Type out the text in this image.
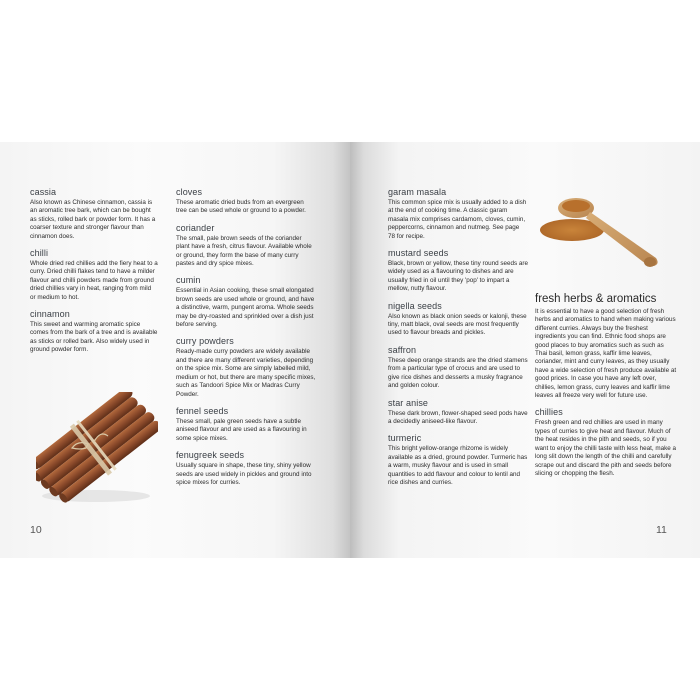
cassia
Also known as Chinese cinnamon, cassia is an aromatic tree bark, which can be bought as sticks, rolled bark or powder form. It has a coarser texture and stronger flavour than cinnamon does.
chilli
Whole dried red chillies add the fiery heat to a curry. Dried chilli flakes tend to have a milder flavour and chilli powders made from ground dried chillies vary in heat, ranging from mild or medium to hot.
cinnamon
This sweet and warming aromatic spice comes from the bark of a tree and is available as sticks or rolled bark. Also widely used in ground powder form.
cloves
These aromatic dried buds from an evergreen tree can be used whole or ground to a powder.
coriander
The small, pale brown seeds of the coriander plant have a fresh, citrus flavour. Available whole or ground, they form the base of many curry pastes and dry spice mixes.
cumin
Essential in Asian cooking, these small elongated brown seeds are used whole or ground, and have a distinctive, warm, pungent aroma. Whole seeds may be dry-roasted and sprinkled over a dish just before serving.
curry powders
Ready-made curry powders are widely available and there are many different varieties, depending on the spice mix. Some are simply labelled mild, medium or hot, but there are many specific mixes, such as Tandoori Spice Mix or Madras Curry Powder.
fennel seeds
These small, pale green seeds have a subtle aniseed flavour and are used as a flavouring in some spice mixes.
fenugreek seeds
Usually square in shape, these tiny, shiny yellow seeds are used widely in pickles and ground into spice mixes for curries.
10
garam masala
This common spice mix is usually added to a dish at the end of cooking time. A classic garam masala mix comprises cardamom, cloves, cumin, peppercorns, cinnamon and nutmeg. See page 78 for recipe.
mustard seeds
Black, brown or yellow, these tiny round seeds are widely used as a flavouring to dishes and are usually fried in oil until they 'pop' to impart a mellow, nutty flavour.
nigella seeds
Also known as black onion seeds or kalonji, these tiny, matt black, oval seeds are most frequently used to flavour breads and pickles.
saffron
These deep orange strands are the dried stamens from a particular type of crocus and are used to give rice dishes and desserts a musky fragrance and golden colour.
star anise
These dark brown, flower-shaped seed pods have a decidedly aniseed-like flavour.
turmeric
This bright yellow-orange rhizome is widely available as a dried, ground powder. Turmeric has a warm, musky flavour and is used in small quantities to add flavour and colour to lentil and rice dishes and curries.
fresh herbs & aromatics
It is essential to have a good selection of fresh herbs and aromatics to hand when making various different curries. Always buy the freshest ingredients you can find. Ethnic food shops are good places to buy aromatics such as such as Thai basil, lemon grass, kaffir lime leaves, coriander, mint and curry leaves, as they usually have a wide selection of fresh produce available at good prices. In case you have any left over, chillies, lemon grass, curry leaves and kaffir lime leaves all freeze very well for future use.
chillies
Fresh green and red chillies are used in many types of curries to give heat and flavour. Much of the heat resides in the pith and seeds, so if you want to enjoy the chilli taste with less heat, make a long slit down the length of the chilli and carefully scrape out and discard the pith and seeds before slicing or chopping the flesh.
11
